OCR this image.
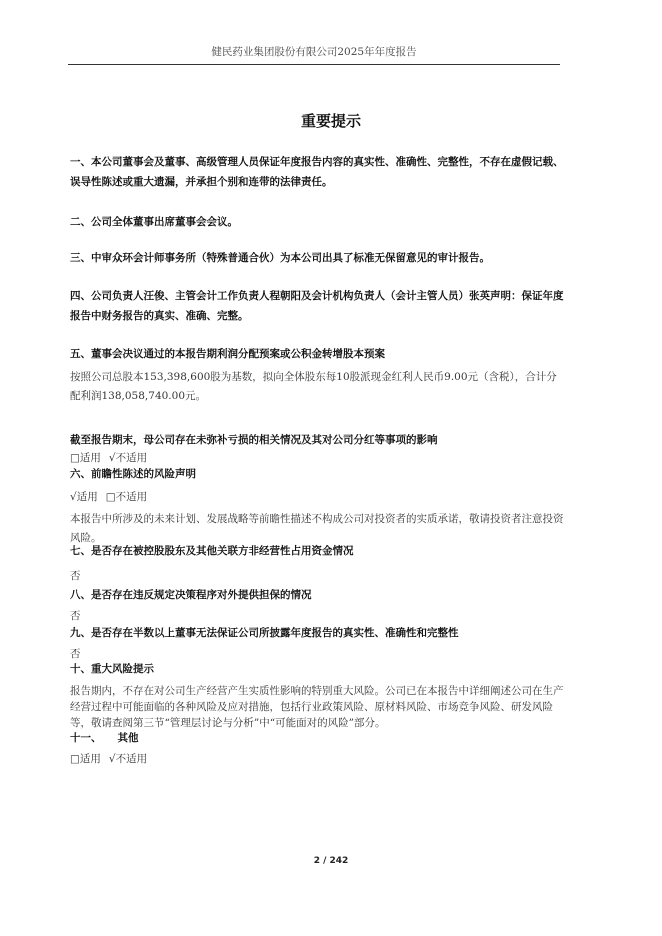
健民药业集团股份有限公司2025年年度报告
重要提示

一、本公司董事会及董事、高级管理人员保证年度报告内容的真实性、准确性、完整性，不存在虚假记载、误导性陈述或重大遗漏，并承担个别和连带的法律责任。

二、公司全体董事出席董事会会议。

三、中审众环会计师事务所（特殊普通合伙）为本公司出具了标准无保留意见的审计报告。

四、公司负责人汪俊、主管会计工作负责人程朝阳及会计机构负责人（会计主管人员）张英声明：保证年度报告中财务报告的真实、准确、完整。

五、董事会决议通过的本报告期利润分配预案或公积金转增股本预案

按照公司总股本153,398,600股为基数，拟向全体股东每10股派现金红利人民币9.00元（含税），合计分配利润138,058,740.00元。

截至报告期末，母公司存在未弥补亏损的相关情况及其对公司分红等事项的影响

□适用 √不适用

六、前瞻性陈述的风险声明

√适用 □不适用

本报告中所涉及的未来计划、发展战略等前瞻性描述不构成公司对投资者的实质承诺，敬请投资者注意投资风险。

七、是否存在被控股股东及其他关联方非经营性占用资金情况

否

八、是否存在违反规定决策程序对外提供担保的情况

否

九、是否存在半数以上董事无法保证公司所披露年度报告的真实性、准确性和完整性

否

十、重大风险提示

报告期内，不存在对公司生产经营产生实质性影响的特别重大风险。公司已在本报告中详细阐述公司在生产经营过程中可能面临的各种风险及应对措施，包括行业政策风险、原材料风险、市场竞争风险、研发风险等，敬请查阅第三节“管理层讨论与分析”中“可能面对的风险”部分。

十一、 其他

□适用 √不适用

2 / 242
